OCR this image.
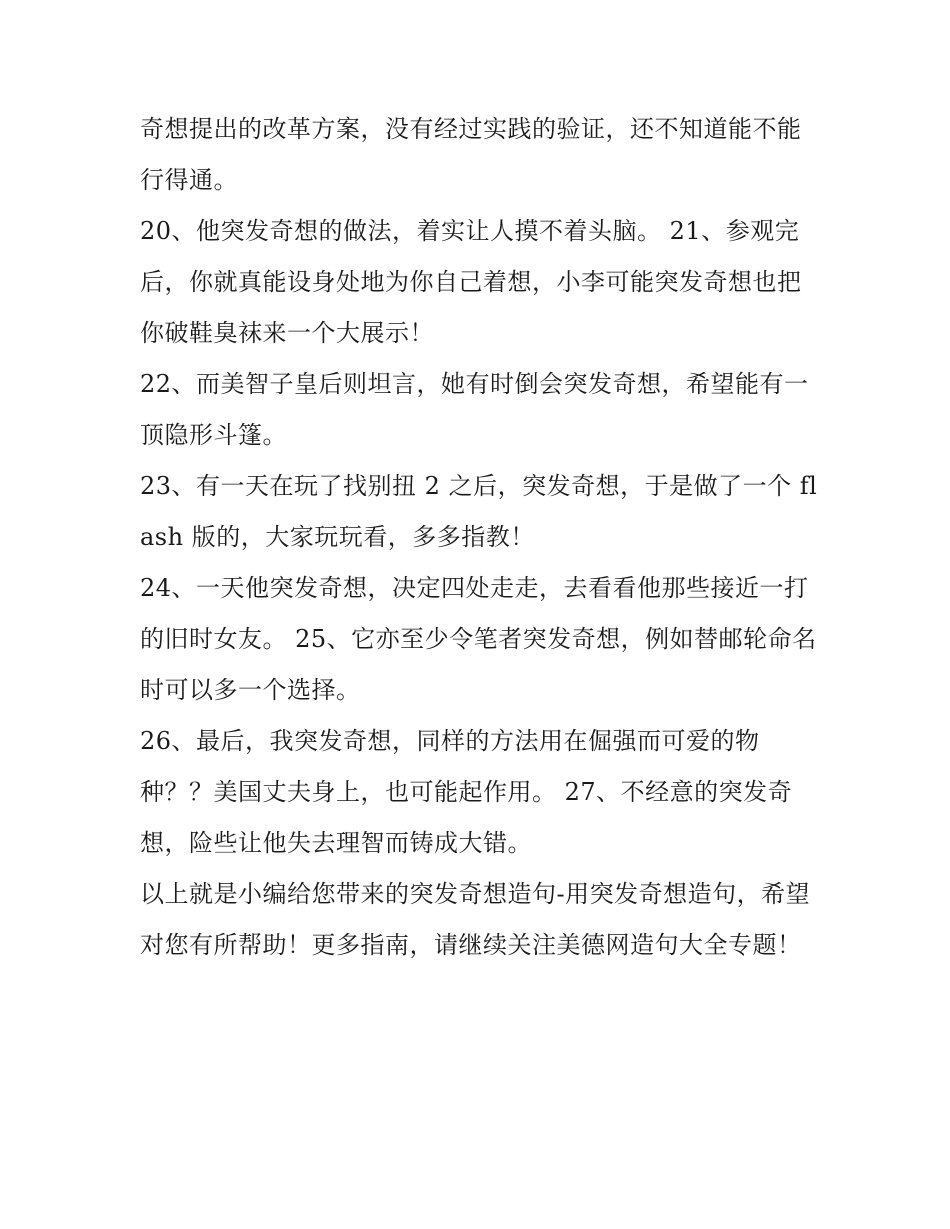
奇想提出的改革方案，没有经过实践的验证，还不知道能不能行得通。

20、他突发奇想的做法，着实让人摸不着头脑。 21、参观完后，你就真能设身处地为你自己着想，小李可能突发奇想也把你破鞋臭袜来一个大展示！

22、而美智子皇后则坦言，她有时倒会突发奇想，希望能有一顶隐形斗篷。

23、有一天在玩了找别扭 2 之后，突发奇想，于是做了一个 flash 版的，大家玩玩看，多多指教！

24、一天他突发奇想，决定四处走走，去看看他那些接近一打的旧时女友。 25、它亦至少令笔者突发奇想，例如替邮轮命名时可以多一个选择。

26、最后，我突发奇想，同样的方法用在倔强而可爱的物种？？美国丈夫身上，也可能起作用。 27、不经意的突发奇想，险些让他失去理智而铸成大错。

以上就是小编给您带来的突发奇想造句-用突发奇想造句，希望对您有所帮助！更多指南，请继续关注美德网造句大全专题！
